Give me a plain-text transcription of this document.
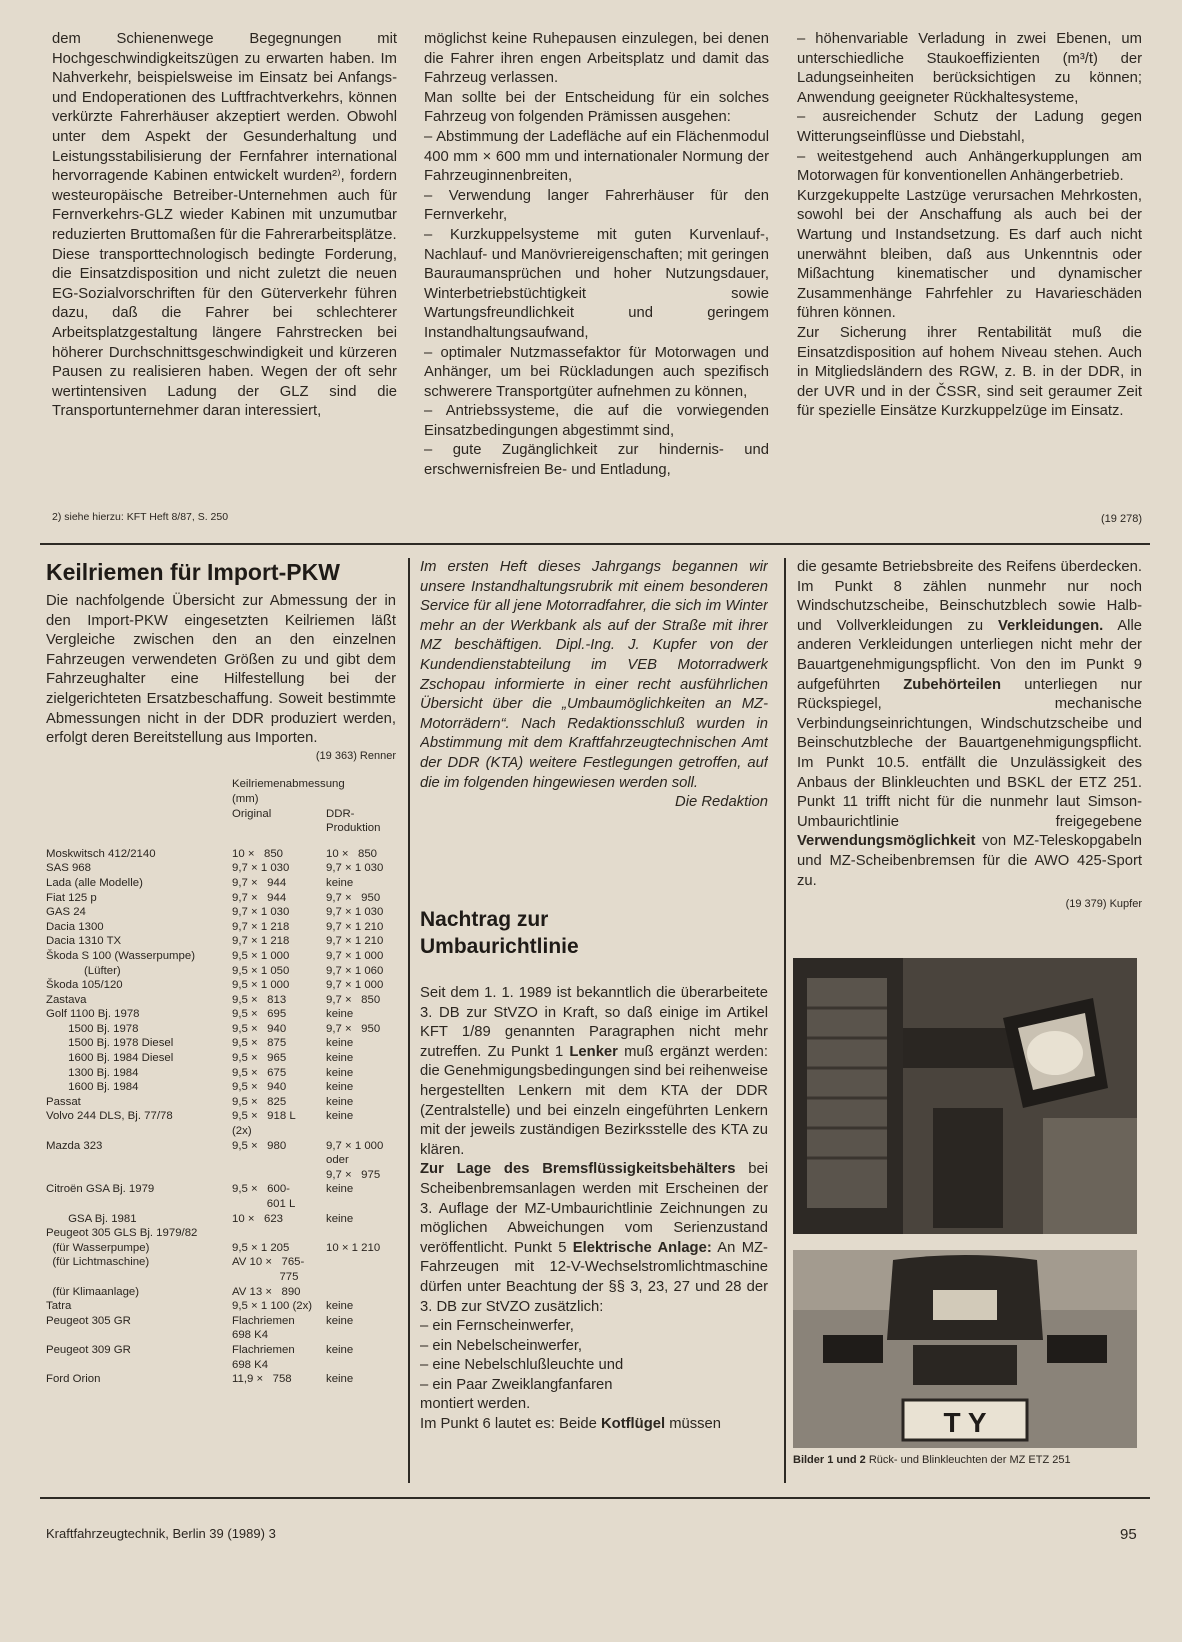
dem Schienenwege Begegnungen mit Hochgeschwindigkeitszügen zu erwarten haben. Im Nahverkehr, beispielsweise im Einsatz bei Anfangs- und Endoperationen des Luftfrachtverkehrs, können verkürzte Fahrerhäuser akzeptiert werden. Obwohl unter dem Aspekt der Gesunderhaltung und Leistungsstabilisierung der Fernfahrer international hervorragende Kabinen entwickelt wurden²⁾, fordern westeuropäische Betreiber-Unternehmen auch für Fernverkehrs-GLZ wieder Kabinen mit unzumutbar reduzierten Bruttomaßen für die Fahrerarbeitsplätze.

Diese transporttechnologisch bedingte Forderung, die Einsatzdisposition und nicht zuletzt die neuen EG-Sozialvorschriften für den Güterverkehr führen dazu, daß die Fahrer bei schlechterer Arbeitsplatzgestaltung längere Fahrstrecken bei höherer Durchschnittsgeschwindigkeit und kürzeren Pausen zu realisieren haben. Wegen der oft sehr wertintensiven Ladung der GLZ sind die Transportunternehmer daran interessiert,

2) siehe hierzu: KFT Heft 8/87, S. 250

möglichst keine Ruhepausen einzulegen, bei denen die Fahrer ihren engen Arbeitsplatz und damit das Fahrzeug verlassen.

Man sollte bei der Entscheidung für ein solches Fahrzeug von folgenden Prämissen ausgehen:

– Abstimmung der Ladefläche auf ein Flächenmodul 400 mm × 600 mm und internationaler Normung der Fahrzeuginnenbreiten,

– Verwendung langer Fahrerhäuser für den Fernverkehr,

– Kurzkuppelsysteme mit guten Kurvenlauf-, Nachlauf- und Manövriereigenschaften; mit geringen Bauraumansprüchen und hoher Nutzungsdauer, Winterbetriebstüchtigkeit sowie Wartungsfreundlichkeit und geringem Instandhaltungsaufwand,

– optimaler Nutzmassefaktor für Motorwagen und Anhänger, um bei Rückladungen auch spezifisch schwerere Transportgüter aufnehmen zu können,

– Antriebssysteme, die auf die vorwiegenden Einsatzbedingungen abgestimmt sind,

– gute Zugänglichkeit zur hindernis- und erschwernisfreien Be- und Entladung,

– höhenvariable Verladung in zwei Ebenen, um unterschiedliche Staukoeffizienten (m³/t) der Ladungseinheiten berücksichtigen zu können; Anwendung geeigneter Rückhaltesysteme,

– ausreichender Schutz der Ladung gegen Witterungseinflüsse und Diebstahl,

– weitestgehend auch Anhängerkupplungen am Motorwagen für konventionellen Anhängerbetrieb.

Kurzgekuppelte Lastzüge verursachen Mehrkosten, sowohl bei der Anschaffung als auch bei der Wartung und Instandsetzung. Es darf auch nicht unerwähnt bleiben, daß aus Unkenntnis oder Mißachtung kinematischer und dynamischer Zusammenhänge Fahrfehler zu Havarieschäden führen können.

Zur Sicherung ihrer Rentabilität muß die Einsatzdisposition auf hohem Niveau stehen. Auch in Mitgliedsländern des RGW, z. B. in der DDR, in der UVR und in der ČSSR, sind seit geraumer Zeit für spezielle Einsätze Kurzkuppelzüge im Einsatz.

(19 278)
Keilriemen für Import-PKW

Die nachfolgende Übersicht zur Abmessung der in den Import-PKW eingesetzten Keilriemen läßt Vergleiche zwischen den an den einzelnen Fahrzeugen verwendeten Größen zu und gibt dem Fahrzeughalter eine Hilfestellung bei der zielgerichteten Ersatzbeschaffung. Soweit bestimmte Abmessungen nicht in der DDR produziert werden, erfolgt deren Bereitstellung aus Importen.

(19 363) Renner
Keilriemenabmessung
(mm)
Original	DDR-Produktion
Moskwitsch 412/2140	10 ×   850	10 ×   850
SAS 968	9,7 × 1 030	9,7 × 1 030
Lada (alle Modelle)	9,7 ×   944	keine
Fiat 125 p	9,7 ×   944	9,7 ×   950
GAS 24	9,7 × 1 030	9,7 × 1 030
Dacia 1300	9,7 × 1 218	9,7 × 1 210
Dacia 1310 TX	9,7 × 1 218	9,7 × 1 210
Škoda S 100 (Wasserpumpe)	9,5 × 1 000	9,7 × 1 000
(Lüfter)	9,5 × 1 050	9,7 × 1 060
Škoda 105/120	9,5 × 1 000	9,7 × 1 000
Zastava	9,5 ×   813	9,7 ×   850
Golf 1100 Bj. 1978	9,5 ×   695	keine
1500 Bj. 1978	9,5 ×   940	9,7 ×   950
1500 Bj. 1978 Diesel	9,5 ×   875	keine
1600 Bj. 1984 Diesel	9,5 ×   965	keine
1300 Bj. 1984	9,5 ×   675	keine
1600 Bj. 1984	9,5 ×   940	keine
Passat	9,5 ×   825	keine
Volvo 244 DLS, Bj. 77/78	9,5 ×   918 L	keine
	(2x)	
Mazda 323	9,5 ×   980	9,7 × 1 000
		oder
		9,7 ×   975
Citroën GSA Bj. 1979	9,5 ×   600-	keine
	601 L	
GSA Bj. 1981	10 ×   623	keine
Peugeot 305 GLS Bj. 1979/82		
(für Wasserpumpe)	9,5 × 1 205	10 × 1 210
(für Lichtmaschine)	AV 10 ×   765-	
	775	
(für Klimaanlage)	AV 13 ×   890	
Tatra	9,5 × 1 100 (2x)	keine
Peugeot 305 GR	Flachriemen	keine
	698 K4	
Peugeot 309 GR	Flachriemen	keine
	698 K4	
Ford Orion	11,9 ×   758	keine

Im ersten Heft dieses Jahrgangs begannen wir unsere Instandhaltungsrubrik mit einem besonderen Service für all jene Motorradfahrer, die sich im Winter mehr an der Werkbank als auf der Straße mit ihrer MZ beschäftigen. Dipl.-Ing. J. Kupfer von der Kundendienstabteilung im VEB Motorradwerk Zschopau informierte in einer recht ausführlichen Übersicht über die „Umbaumöglichkeiten an MZ-Motorrädern“. Nach Redaktionsschluß wurden in Abstimmung mit dem Kraftfahrzeugtechnischen Amt der DDR (KTA) weitere Festlegungen getroffen, auf die im folgenden hingewiesen werden soll.

Die Redaktion

Nachtrag zur
Umbaurichtlinie

Seit dem 1. 1. 1989 ist bekanntlich die überarbeitete 3. DB zur StVZO in Kraft, so daß einige im Artikel KFT 1/89 genannten Paragraphen nicht mehr zutreffen. Zu Punkt 1 Lenker muß ergänzt werden: die Genehmigungsbedingungen sind bei reihenweise hergestellten Lenkern mit dem KTA der DDR (Zentralstelle) und bei einzeln eingeführten Lenkern mit der jeweils zuständigen Bezirksstelle des KTA zu klären.

Zur Lage des Bremsflüssigkeitsbehälters bei Scheibenbremsanlagen werden mit Erscheinen der 3. Auflage der MZ-Umbaurichtlinie Zeichnungen zu möglichen Abweichungen vom Serienzustand veröffentlicht. Punkt 5 Elektrische Anlage: An MZ-Fahrzeugen mit 12-V-Wechselstromlichtmaschine dürfen unter Beachtung der §§ 3, 23, 27 und 28 der 3. DB zur StVZO zusätzlich:

– ein Fernscheinwerfer,

– ein Nebelscheinwerfer,

– eine Nebelschlußleuchte und

– ein Paar Zweiklangfanfaren

montiert werden.

Im Punkt 6 lautet es: Beide Kotflügel müssen

die gesamte Betriebsbreite des Reifens überdecken. Im Punkt 8 zählen nunmehr nur noch Windschutzscheibe, Beinschutzblech sowie Halb- und Vollverkleidungen zu Verkleidungen. Alle anderen Verkleidungen unterliegen nicht mehr der Bauartgenehmigungspflicht. Von den im Punkt 9 aufgeführten Zubehörteilen unterliegen nur Rückspiegel, mechanische Verbindungseinrichtungen, Windschutzscheibe und Beinschutzbleche der Bauartgenehmigungspflicht. Im Punkt 10.5. entfällt die Unzulässigkeit des Anbaus der Blinkleuchten und BSKL der ETZ 251. Punkt 11 trifft nicht für die nunmehr laut Simson-Umbaurichtlinie freigegebene Verwendungsmöglichkeit von MZ-Teleskopgabeln und MZ-Scheibenbremsen für die AWO 425-Sport zu.

(19 379) Kupfer
T Y
Bilder 1 und 2 Rück- und Blinkleuchten der MZ ETZ 251
Kraftfahrzeugtechnik, Berlin 39 (1989) 3	95
